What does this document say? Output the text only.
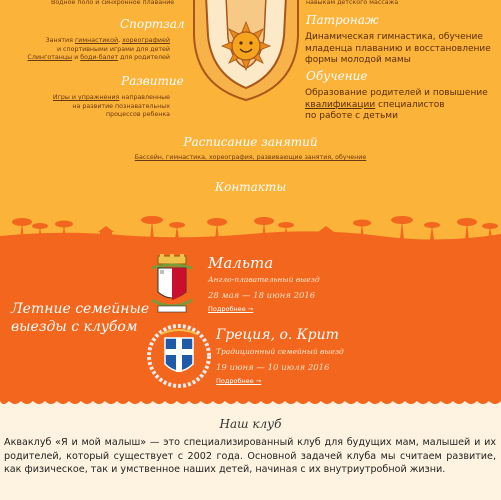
Водное поло и синхронное плавание
Спортзал
Занятия гимнастикой, хореографией
и спортивными играми для детей
Слинготанцы и боди-балет для родителей
Развитие
Игры и упражнения направленные
на развитие познавательных
процессов ребенка
навыкам детского массажа
Патронаж
Динамическая гимнастика, обучение
младенца плаванию и восстановление
формы молодой мамы
Обучение
Образование родителей и повышение
квалификации специалистов
по работе с детьми
Расписание занятий
Бассейн, гимнастика, хореография, развивающие занятия, обучение
Контакты
Летние семейные
выезды с клубом
Мальта
Англо-плавательный выезд
28 мая — 18 июня 2016
Подробнее →
Греция, о. Крит
Традиционный семейный выезд
19 июня — 10 июля 2016
Подробнее →
Наш клуб
Акваклуб «Я и мой малыш» — это специализированный клуб для будущих мам, малышей и их родителей, который существует с 2002 года. Основной задачей клуба мы считаем развитие, как физическое, так и умственное наших детей, начиная с их внутриутробной жизни.
